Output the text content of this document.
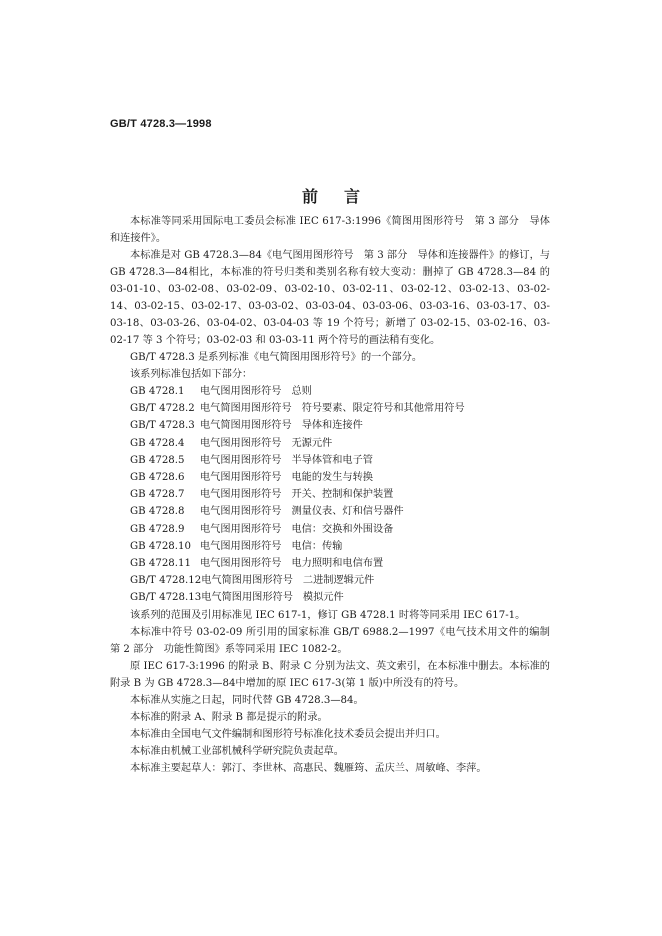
GB/T 4728.3—1998
前言

本标准等同采用国际电工委员会标准 IEC 617-3:1996《简图用图形符号　第 3 部分　导体和连接件》。

本标准是对 GB 4728.3—84《电气图用图形符号　第 3 部分　导体和连接器件》的修订，与 GB 4728.3—84相比，本标准的符号归类和类别名称有较大变动：删掉了 GB 4728.3—84 的 03-01-10、03-02-08、03-02-09、03-02-10、03-02-11、03-02-12、03-02-13、03-02-14、03-02-15、03-02-17、03-03-02、03-03-04、03-03-06、03-03-16、03-03-17、03-03-18、03-03-26、03-04-02、03-04-03 等 19 个符号；新增了 03-02-15、03-02-16、03-02-17 等 3 个符号；03-02-03 和 03-03-11 两个符号的画法稍有变化。

GB/T 4728.3 是系列标准《电气简图用图形符号》的一个部分。

该系列标准包括如下部分：

GB 4728.1 电气图用图形符号 总则
GB/T 4728.2 电气简图用图形符号 符号要素、限定符号和其他常用符号
GB/T 4728.3 电气简图用图形符号 导体和连接件
GB 4728.4 电气图用图形符号 无源元件
GB 4728.5 电气图用图形符号 半导体管和电子管
GB 4728.6 电气图用图形符号 电能的发生与转换
GB 4728.7 电气图用图形符号 开关、控制和保护装置
GB 4728.8 电气图用图形符号 测量仪表、灯和信号器件
GB 4728.9 电气图用图形符号 电信：交换和外围设备
GB 4728.10 电气图用图形符号 电信：传输
GB 4728.11 电气图用图形符号 电力照明和电信布置
GB/T 4728.12电气简图用图形符号 二进制逻辑元件
GB/T 4728.13电气简图用图形符号 模拟元件

该系列的范围及引用标准见 IEC 617-1，修订 GB 4728.1 时将等同采用 IEC 617-1。

本标准中符号 03-02-09 所引用的国家标准 GB/T 6988.2—1997《电气技术用文件的编制　第 2 部分　功能性简图》系等同采用 IEC 1082-2。

原 IEC 617-3:1996 的附录 B、附录 C 分别为法文、英文索引，在本标准中删去。本标准的附录 B 为 GB 4728.3—84中增加的原 IEC 617-3(第 1 版)中所没有的符号。

本标准从实施之日起，同时代替 GB 4728.3—84。

本标准的附录 A、附录 B 都是提示的附录。

本标准由全国电气文件编制和图形符号标准化技术委员会提出并归口。

本标准由机械工业部机械科学研究院负责起草。

本标准主要起草人：郭汀、李世林、高惠民、魏雁筠、孟庆兰、周敏峰、李萍。
